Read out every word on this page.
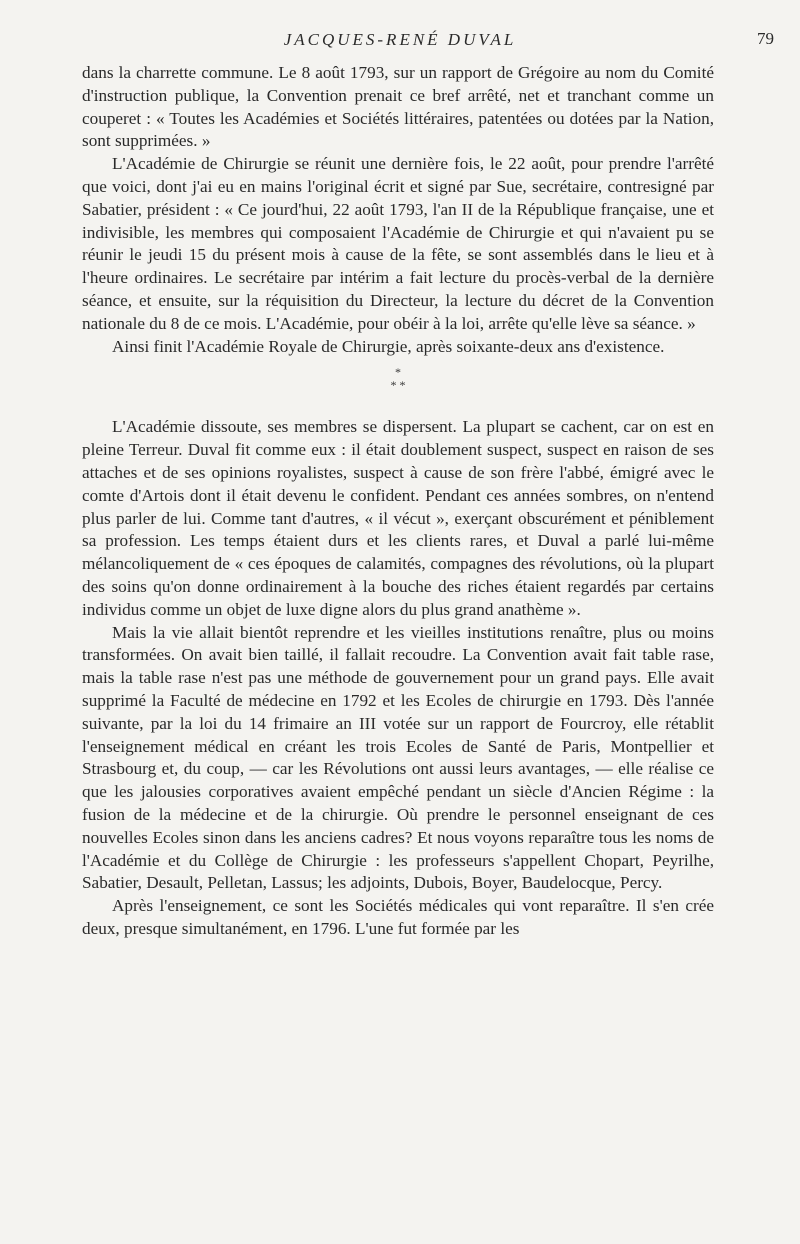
JACQUES-RENÉ DUVAL	79

dans la charrette commune. Le 8 août 1793, sur un rapport de Grégoire au nom du Comité d'instruction publique, la Convention prenait ce bref arrêté, net et tranchant comme un couperet : « Toutes les Académies et Sociétés littéraires, patentées ou dotées par la Nation, sont supprimées. »

L'Académie de Chirurgie se réunit une dernière fois, le 22 août, pour prendre l'arrêté que voici, dont j'ai eu en mains l'original écrit et signé par Sue, secrétaire, contresigné par Sabatier, président : « Ce jourd'hui, 22 août 1793, l'an II de la République française, une et indivisible, les membres qui composaient l'Académie de Chirurgie et qui n'avaient pu se réunir le jeudi 15 du présent mois à cause de la fête, se sont assemblés dans le lieu et à l'heure ordinaires. Le secrétaire par intérim a fait lecture du procès-verbal de la dernière séance, et ensuite, sur la réquisition du Directeur, la lecture du décret de la Convention nationale du 8 de ce mois. L'Académie, pour obéir à la loi, arrête qu'elle lève sa séance. »

Ainsi finit l'Académie Royale de Chirurgie, après soixante-deux ans d'existence.

*
* *

L'Académie dissoute, ses membres se dispersent. La plupart se cachent, car on est en pleine Terreur. Duval fit comme eux : il était doublement suspect, suspect en raison de ses attaches et de ses opinions royalistes, suspect à cause de son frère l'abbé, émigré avec le comte d'Artois dont il était devenu le confident. Pendant ces années sombres, on n'entend plus parler de lui. Comme tant d'autres, « il vécut », exerçant obscurément et péniblement sa profession. Les temps étaient durs et les clients rares, et Duval a parlé lui-même mélancoliquement de « ces époques de calamités, compagnes des révolutions, où la plupart des soins qu'on donne ordinairement à la bouche des riches étaient regardés par certains individus comme un objet de luxe digne alors du plus grand anathème ».

Mais la vie allait bientôt reprendre et les vieilles institutions renaître, plus ou moins transformées. On avait bien taillé, il fallait recoudre. La Convention avait fait table rase, mais la table rase n'est pas une méthode de gouvernement pour un grand pays. Elle avait supprimé la Faculté de médecine en 1792 et les Ecoles de chirurgie en 1793. Dès l'année suivante, par la loi du 14 frimaire an III votée sur un rapport de Fourcroy, elle rétablit l'enseignement médical en créant les trois Ecoles de Santé de Paris, Montpellier et Strasbourg et, du coup, — car les Révolutions ont aussi leurs avantages, — elle réalise ce que les jalousies corporatives avaient empêché pendant un siècle d'Ancien Régime : la fusion de la médecine et de la chirurgie. Où prendre le personnel enseignant de ces nouvelles Ecoles sinon dans les anciens cadres? Et nous voyons reparaître tous les noms de l'Académie et du Collège de Chirurgie : les professeurs s'appellent Chopart, Peyrilhe, Sabatier, Desault, Pelletan, Lassus; les adjoints, Dubois, Boyer, Baudelocque, Percy.

Après l'enseignement, ce sont les Sociétés médicales qui vont reparaître. Il s'en crée deux, presque simultanément, en 1796. L'une fut formée par les
